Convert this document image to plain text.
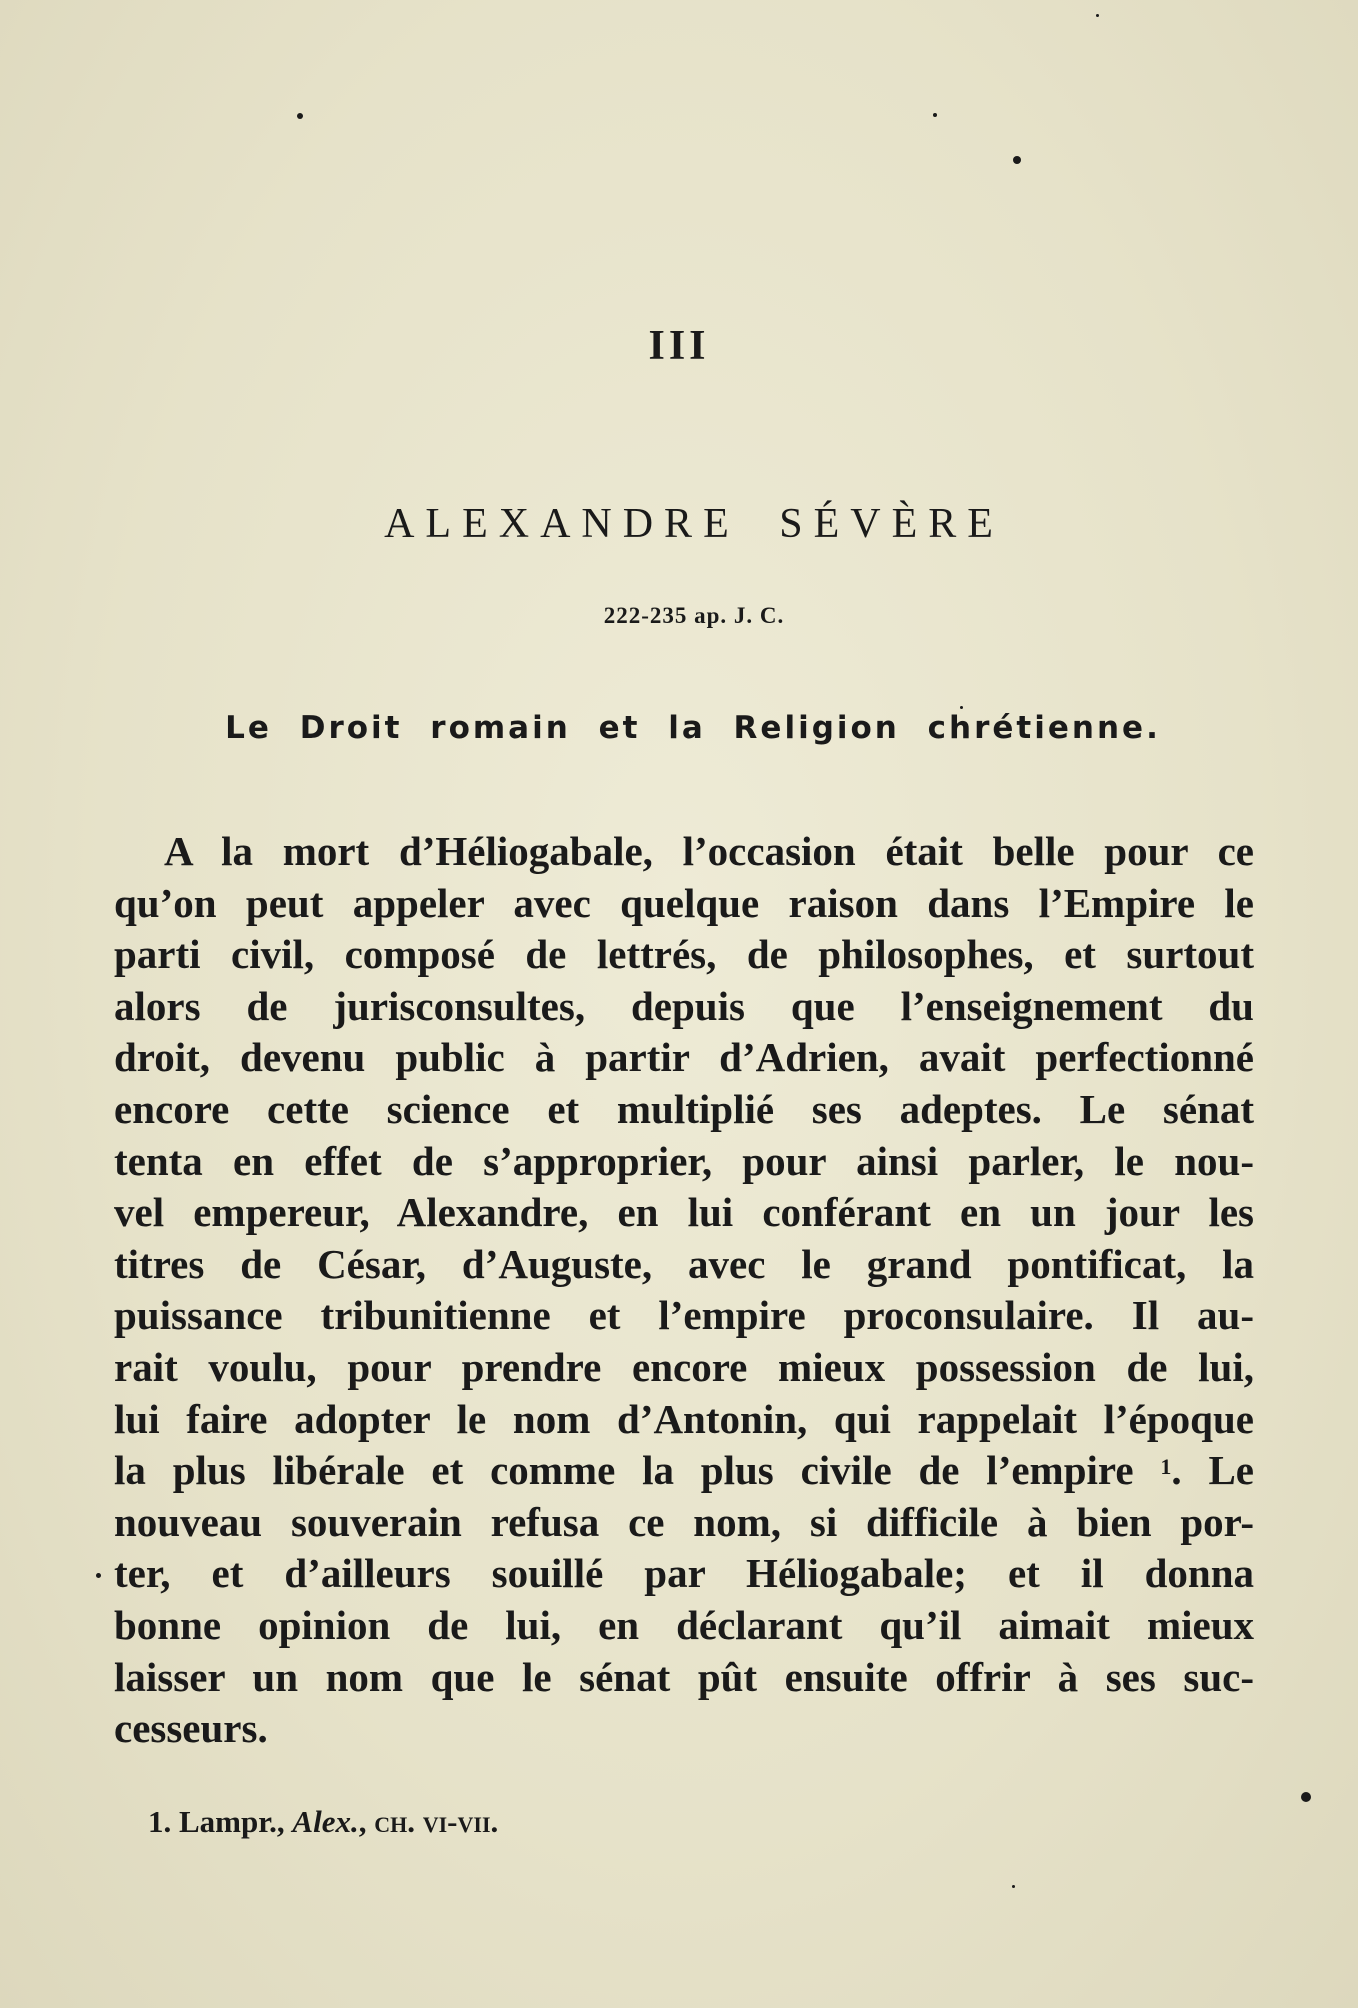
III
ALEXANDRE SÉVÈRE
222-235 ap. J. C.
Le Droit romain et la Religion chrétienne.
A la mort d’Héliogabale, l’occasion était belle pour ce
qu’on peut appeler avec quelque raison dans l’Empire le
parti civil, composé de lettrés, de philosophes, et surtout
alors de jurisconsultes, depuis que l’enseignement du
droit, devenu public à partir d’Adrien, avait perfectionné
encore cette science et multiplié ses adeptes. Le sénat
tenta en effet de s’approprier, pour ainsi parler, le nou-
vel empereur, Alexandre, en lui conférant en un jour les
titres de César, d’Auguste, avec le grand pontificat, la
puissance tribunitienne et l’empire proconsulaire. Il au-
rait voulu, pour prendre encore mieux possession de lui,
lui faire adopter le nom d’Antonin, qui rappelait l’époque
la plus libérale et comme la plus civile de l’empire $^1$. Le
nouveau souverain refusa ce nom, si difficile à bien por-
ter, et d’ailleurs souillé par Héliogabale; et il donna
bonne opinion de lui, en déclarant qu’il aimait mieux
laisser un nom que le sénat pût ensuite offrir à ses suc-
cesseurs.
1. Lampr., Alex., ch. vi-vii.
